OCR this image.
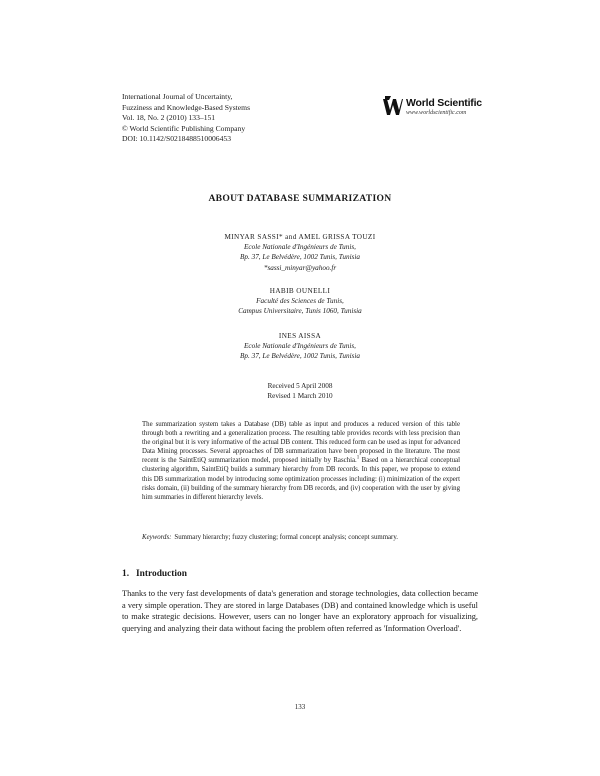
International Journal of Uncertainty,
Fuzziness and Knowledge-Based Systems
Vol. 18, No. 2 (2010) 133–151
© World Scientific Publishing Company
DOI: 10.1142/S0218488510006453
World Scientific
www.worldscientific.com
ABOUT DATABASE SUMMARIZATION
MINYAR SASSI* and AMEL GRISSA TOUZI
Ecole Nationale d'Ingénieurs de Tunis,
Bp. 37, Le Belvédère, 1002 Tunis, Tunisia
*sassi_minyar@yahoo.fr
HABIB OUNELLI
Faculté des Sciences de Tunis,
Campus Universitaire, Tunis 1060, Tunisia
INES AISSA
Ecole Nationale d'Ingénieurs de Tunis,
Bp. 37, Le Belvédère, 1002 Tunis, Tunisia
Received 5 April 2008
Revised 1 March 2010
The summarization system takes a Database (DB) table as input and produces a reduced version of this table through both a rewriting and a generalization process. The resulting table provides records with less precision than the original but it is very informative of the actual DB content. This reduced form can be used as input for advanced Data Mining processes. Several approaches of DB summarization have been proposed in the literature. The most recent is the SaintEtiQ summarization model, proposed initially by Raschia.$^1$ Based on a hierarchical conceptual clustering algorithm, SaintEtiQ builds a summary hierarchy from DB records. In this paper, we propose to extend this DB summarization model by introducing some optimization processes including: (i) minimization of the expert risks domain, (ii) building of the summary hierarchy from DB records, and (iv) cooperation with the user by giving him summaries in different hierarchy levels.
Keywords: Summary hierarchy; fuzzy clustering; formal concept analysis; concept summary.
1. Introduction
Thanks to the very fast developments of data's generation and storage technologies, data collection became a very simple operation. They are stored in large Databases (DB) and contained knowledge which is useful to make strategic decisions. However, users can no longer have an exploratory approach for visualizing, querying and analyzing their data without facing the problem often referred as 'Information Overload'.
133
